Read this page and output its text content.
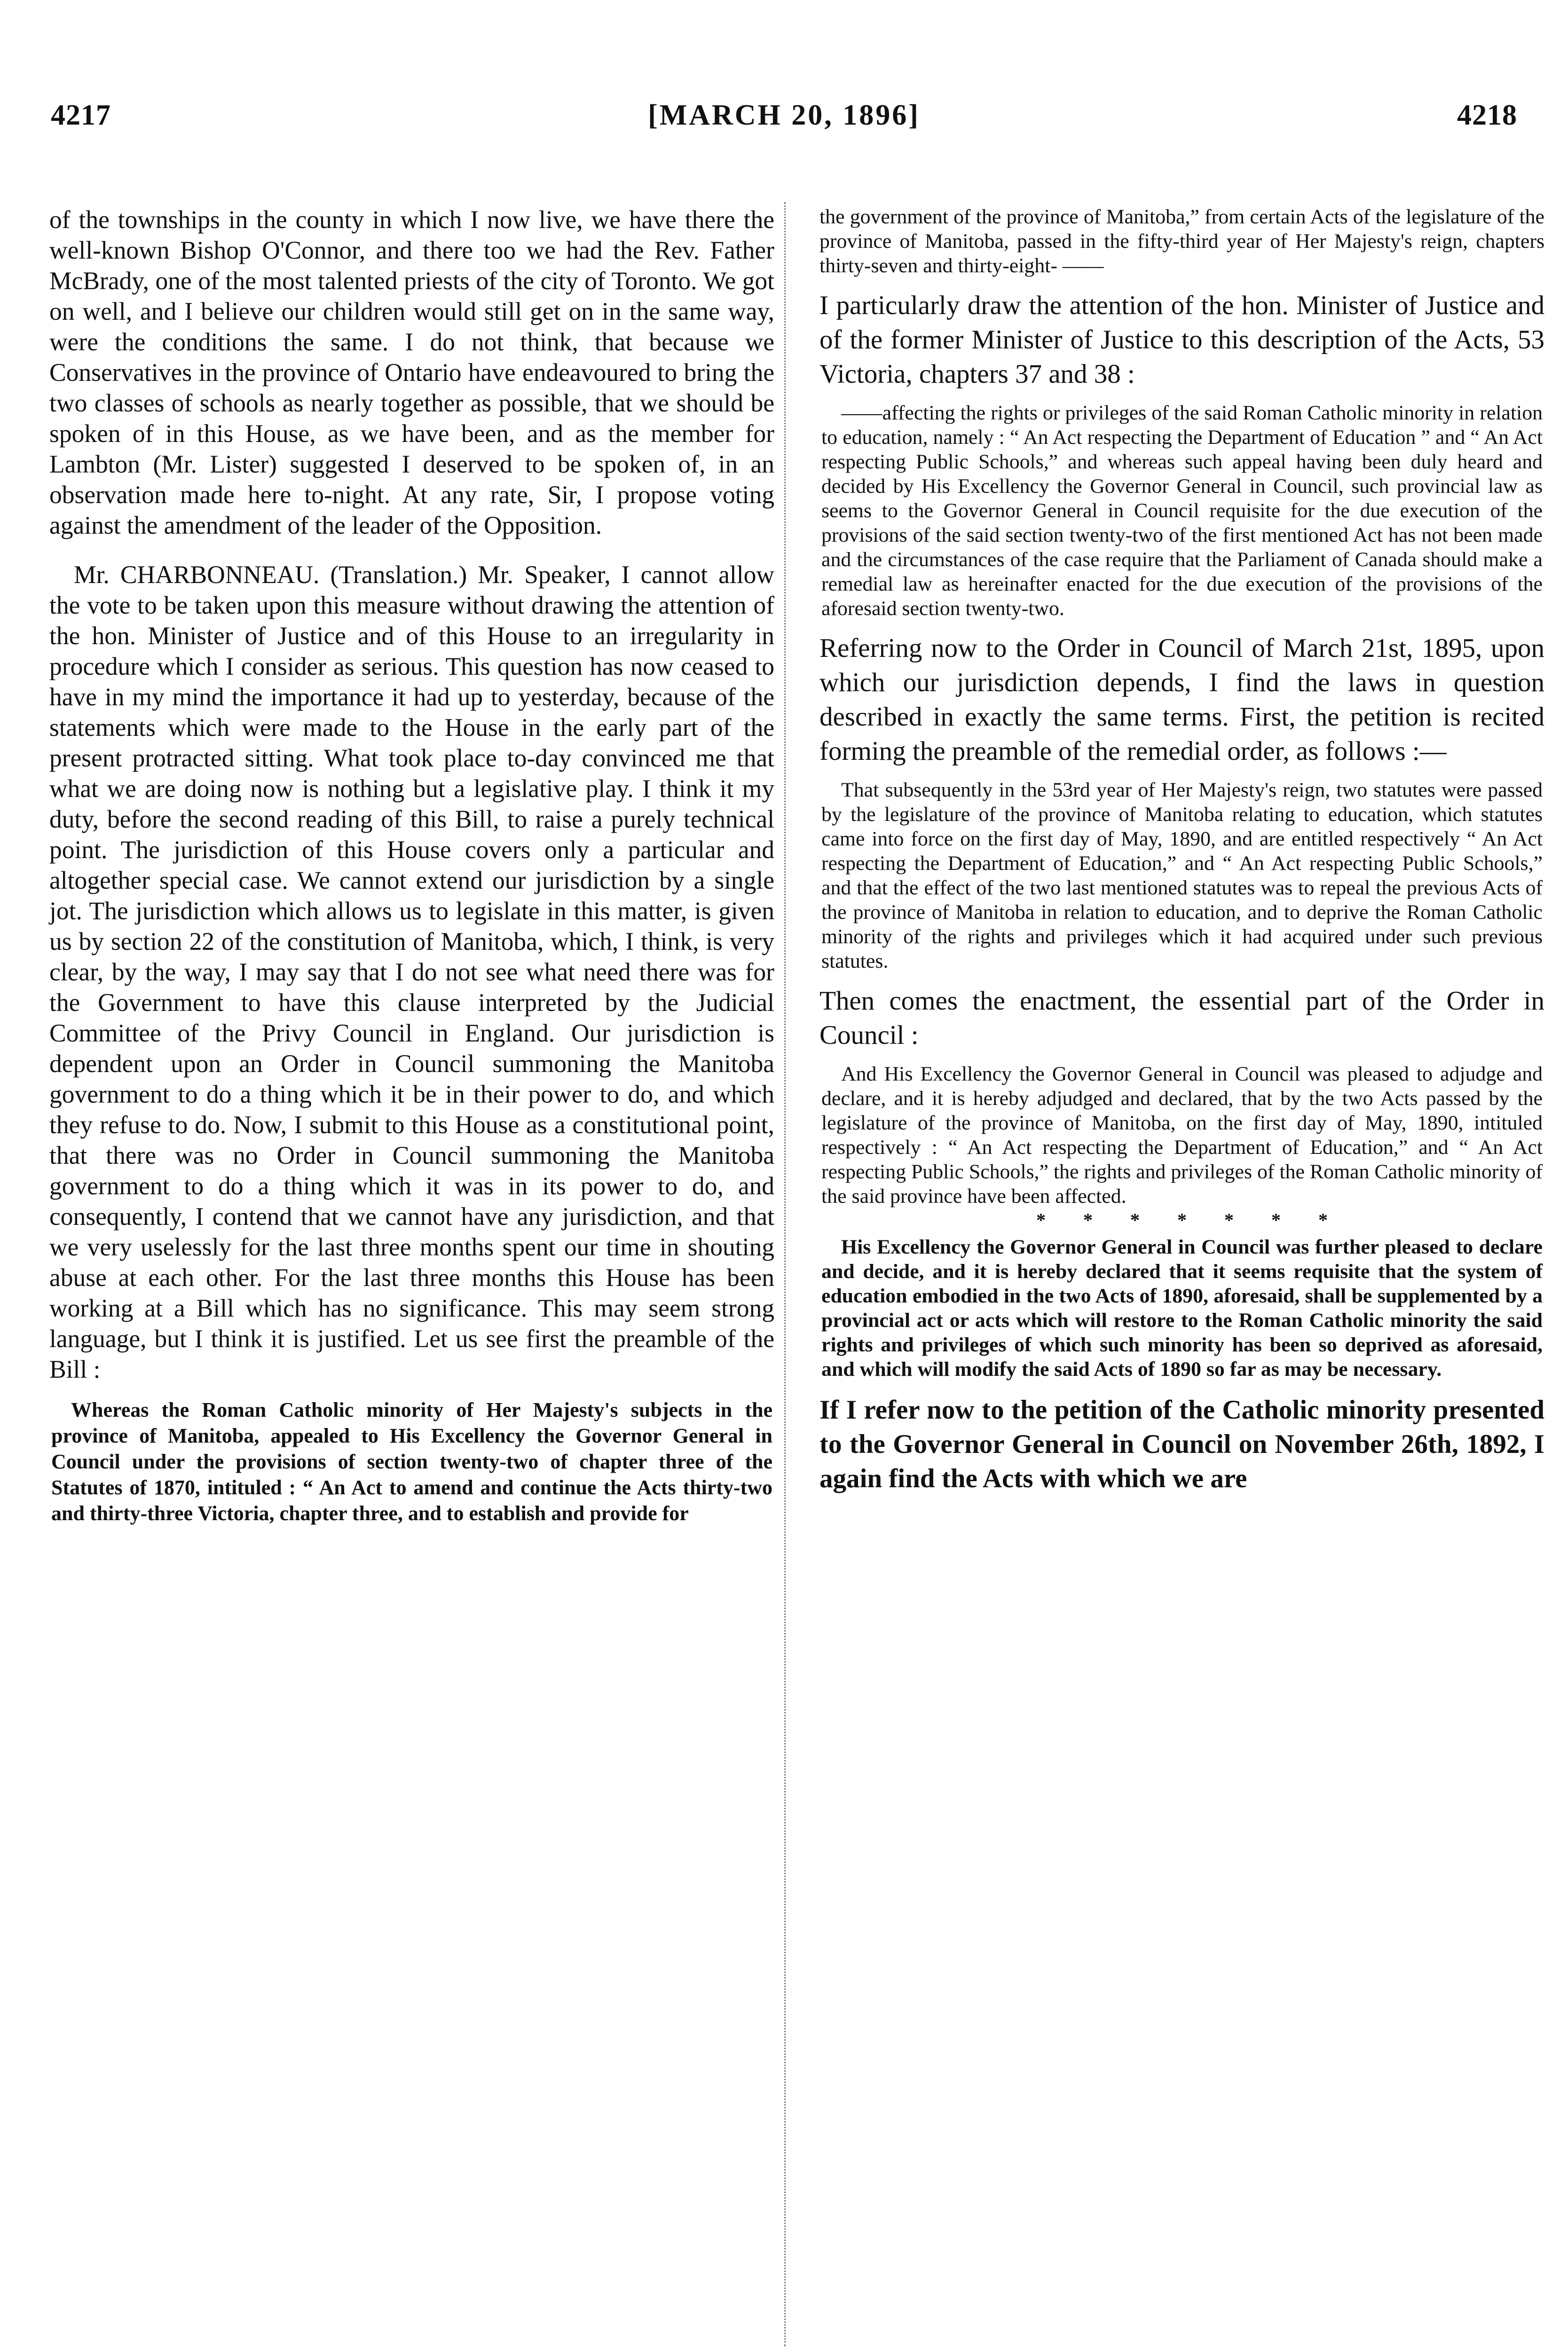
4217	[MARCH 20, 1896]	4218

of the townships in the county in which I now live, we have there the well-known Bishop O'Connor, and there too we had the Rev. Father McBrady, one of the most talented priests of the city of Toronto. We got on well, and I believe our children would still get on in the same way, were the conditions the same. I do not think, that because we Conservatives in the province of Ontario have endeavoured to bring the two classes of schools as nearly together as possible, that we should be spoken of in this House, as we have been, and as the member for Lambton (Mr. Lister) suggested I deserved to be spoken of, in an observation made here to-night. At any rate, Sir, I propose voting against the amendment of the leader of the Opposition.

Mr. CHARBONNEAU. (Translation.) Mr. Speaker, I cannot allow the vote to be taken upon this measure without drawing the attention of the hon. Minister of Justice and of this House to an irregularity in procedure which I consider as serious. This question has now ceased to have in my mind the importance it had up to yesterday, because of the statements which were made to the House in the early part of the present protracted sitting. What took place to-day convinced me that what we are doing now is nothing but a legislative play. I think it my duty, before the second reading of this Bill, to raise a purely technical point. The jurisdiction of this House covers only a particular and altogether special case. We cannot extend our jurisdiction by a single jot. The jurisdiction which allows us to legislate in this matter, is given us by section 22 of the constitution of Manitoba, which, I think, is very clear, by the way, I may say that I do not see what need there was for the Government to have this clause interpreted by the Judicial Committee of the Privy Council in England. Our jurisdiction is dependent upon an Order in Council summoning the Manitoba government to do a thing which it be in their power to do, and which they refuse to do. Now, I submit to this House as a constitutional point, that there was no Order in Council summoning the Manitoba government to do a thing which it was in its power to do, and consequently, I contend that we cannot have any jurisdiction, and that we very uselessly for the last three months spent our time in shouting abuse at each other. For the last three months this House has been working at a Bill which has no significance. This may seem strong language, but I think it is justified. Let us see first the preamble of the Bill :

Whereas the Roman Catholic minority of Her Majesty's subjects in the province of Manitoba, appealed to His Excellency the Governor General in Council under the provisions of section twenty-two of chapter three of the Statutes of 1870, intituled : “ An Act to amend and continue the Acts thirty-two and thirty-three Victoria, chapter three, and to establish and provide for

the government of the province of Manitoba,” from certain Acts of the legislature of the province of Manitoba, passed in the fifty-third year of Her Majesty's reign, chapters thirty-seven and thirty-eight- ——

I particularly draw the attention of the hon. Minister of Justice and of the former Minister of Justice to this description of the Acts, 53 Victoria, chapters 37 and 38 :

——affecting the rights or privileges of the said Roman Catholic minority in relation to education, namely : “ An Act respecting the Department of Education ” and “ An Act respecting Public Schools,” and whereas such appeal having been duly heard and decided by His Excellency the Governor General in Council, such provincial law as seems to the Governor General in Council requisite for the due execution of the provisions of the said section twenty-two of the first mentioned Act has not been made and the circumstances of the case require that the Parliament of Canada should make a remedial law as hereinafter enacted for the due execution of the provisions of the aforesaid section twenty-two.

Referring now to the Order in Council of March 21st, 1895, upon which our jurisdiction depends, I find the laws in question described in exactly the same terms. First, the petition is recited forming the preamble of the remedial order, as follows :—

That subsequently in the 53rd year of Her Majesty's reign, two statutes were passed by the legislature of the province of Manitoba relating to education, which statutes came into force on the first day of May, 1890, and are entitled respectively “ An Act respecting the Department of Education,” and “ An Act respecting Public Schools,” and that the effect of the two last mentioned statutes was to repeal the previous Acts of the province of Manitoba in relation to education, and to deprive the Roman Catholic minority of the rights and privileges which it had acquired under such previous statutes.

Then comes the enactment, the essential part of the Order in Council :

And His Excellency the Governor General in Council was pleased to adjudge and declare, and it is hereby adjudged and declared, that by the two Acts passed by the legislature of the province of Manitoba, on the first day of May, 1890, intituled respectively : “ An Act respecting the Department of Education,” and “ An Act respecting Public Schools,” the rights and privileges of the Roman Catholic minority of the said province have been affected.

* * * * * * *

His Excellency the Governor General in Council was further pleased to declare and decide, and it is hereby declared that it seems requisite that the system of education embodied in the two Acts of 1890, aforesaid, shall be supplemented by a provincial act or acts which will restore to the Roman Catholic minority the said rights and privileges of which such minority has been so deprived as aforesaid, and which will modify the said Acts of 1890 so far as may be necessary.

If I refer now to the petition of the Catholic minority presented to the Governor General in Council on November 26th, 1892, I again find the Acts with which we are
